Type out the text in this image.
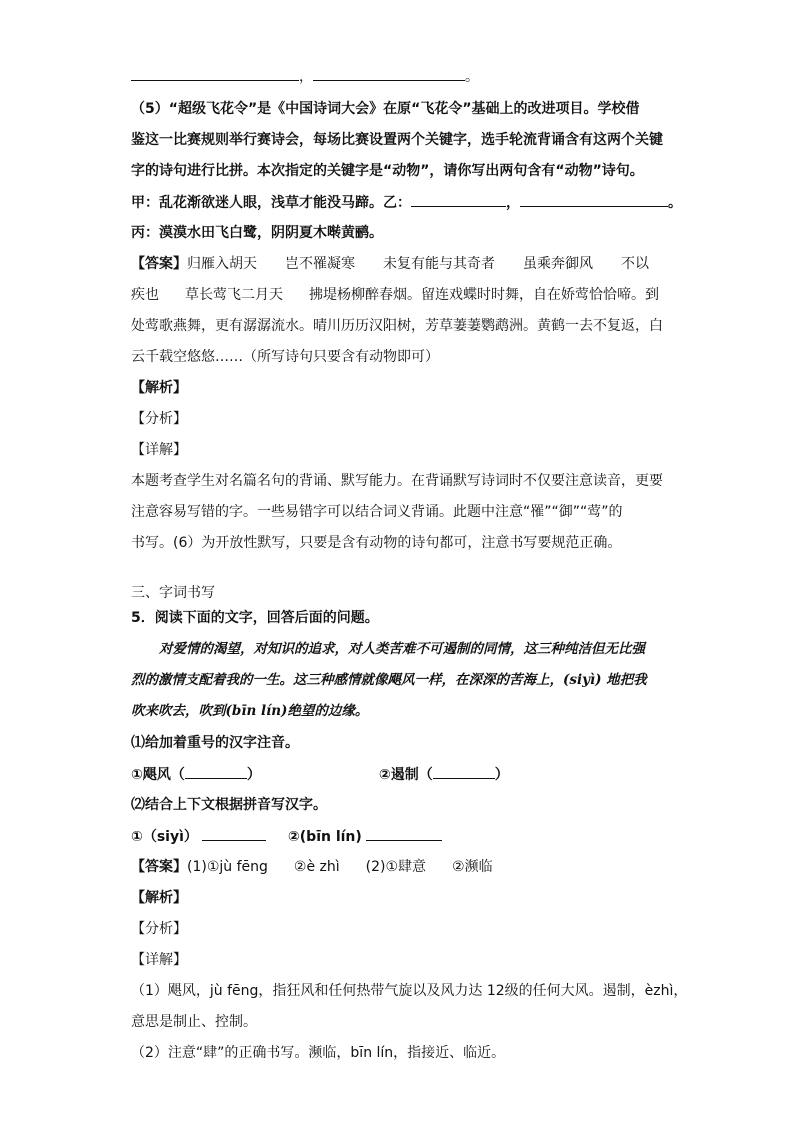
，	。
（5）“超级飞花令”是《中国诗词大会》在原“飞花令”基础上的改进项目。学校借
鉴这一比赛规则举行赛诗会，每场比赛设置两个关键字，选手轮流背诵含有这两个关键
字的诗句进行比拼。本次指定的关键字是“动物”，请你写出两句含有“动物”诗句。
甲：乱花渐欲迷人眼，浅草才能没马蹄。乙：	，	。
丙：漠漠水田飞白鹭，阴阴夏木啭黄鹂。
【答案】归雁入胡天 岂不罹凝寒 未复有能与其奇者 虽乘奔御风 不以
疾也 草长莺飞二月天 拂堤杨柳醉春烟。留连戏蝶时时舞，自在娇莺恰恰啼。到
处莺歌燕舞，更有潺潺流水。晴川历历汉阳树，芳草萋萋鹦鹉洲。黄鹤一去不复返，白
云千载空悠悠……（所写诗句只要含有动物即可）
【解析】
【分析】
【详解】
本题考查学生对名篇名句的背诵、默写能力。在背诵默写诗词时不仅要注意读音，更要
注意容易写错的字。一些易错字可以结合词义背诵。此题中注意“罹”“御”“莺”的
书写。(6）为开放性默写，只要是含有动物的诗句都可，注意书写要规范正确。
三、字词书写
5．阅读下面的文字，回答后面的问题。
对爱情的渴望，对知识的追求，对人类苦难不可遏制的同情，这三种纯洁但无比强
烈的激情支配着我的一生。这三种感情就像飓风一样，在深深的苦海上，(siyì) 地把我
吹来吹去，吹到(bīn lín)绝望的边缘。
⑴给加着重号的汉字注音。
①飓风（	）	②遏制（	）
⑵结合上下文根据拼音写汉字。
①（siyì）	②(bīn lín)
【答案】(1)①jù fēng ②è zhì (2)①肆意 ②濒临
【解析】
【分析】
【详解】
（1）飓风，jù fēng，指狂风和任何热带气旋以及风力达 12级的任何大风。遏制，èzhì，
意思是制止、控制。
（2）注意“肆”的正确书写。濒临，bīn lín，指接近、临近。
